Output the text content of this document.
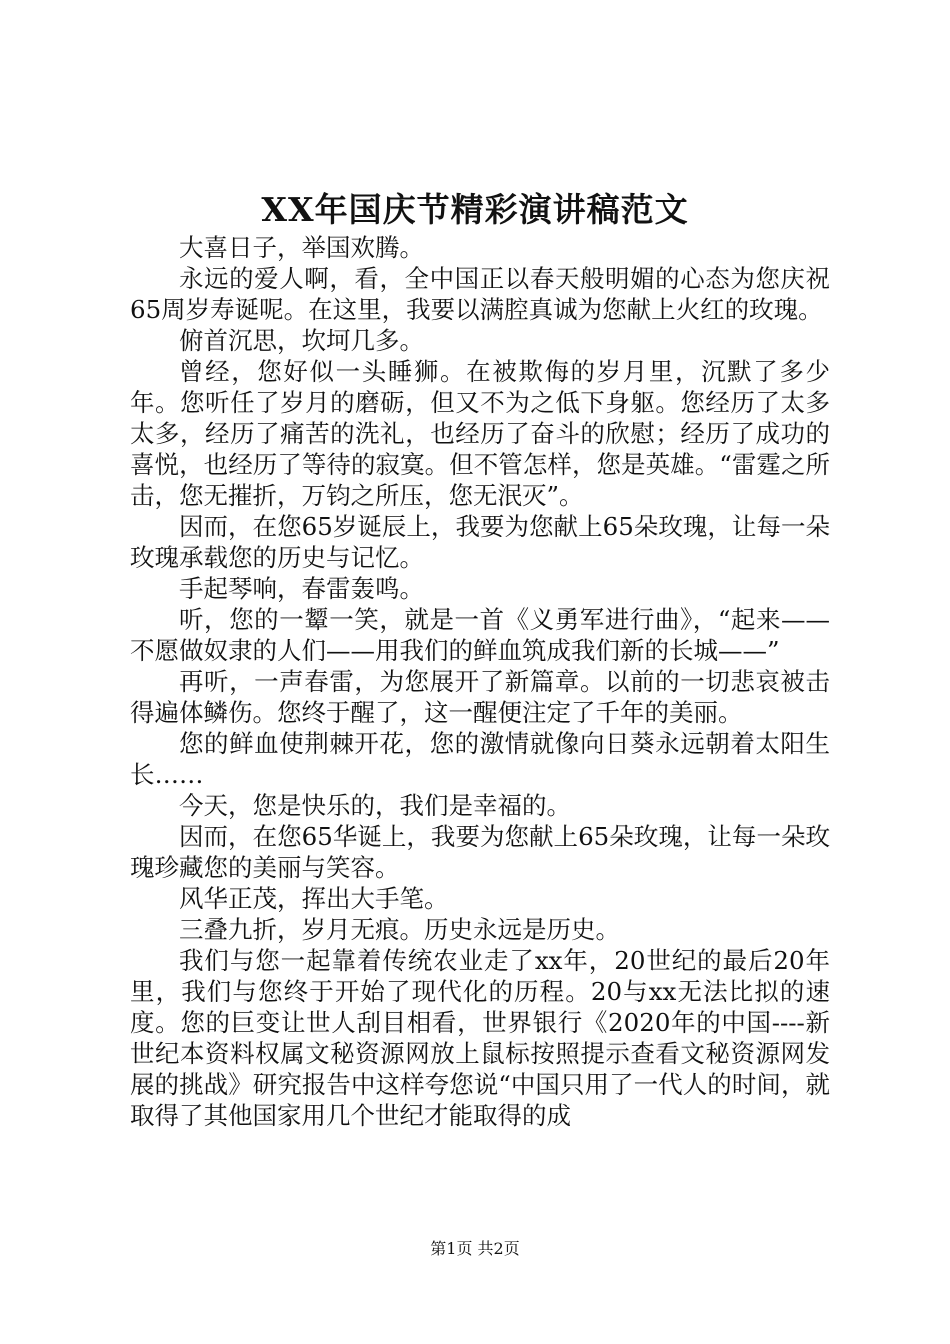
XX年国庆节精彩演讲稿范文

大喜日子，举国欢腾。

永远的爱人啊，看，全中国正以春天般明媚的心态为您庆祝65周岁寿诞呢。在这里，我要以满腔真诚为您献上火红的玫瑰。

俯首沉思，坎坷几多。

曾经，您好似一头睡狮。在被欺侮的岁月里，沉默了多少年。您听任了岁月的磨砺，但又不为之低下身躯。您经历了太多太多，经历了痛苦的洗礼，也经历了奋斗的欣慰；经历了成功的喜悦，也经历了等待的寂寞。但不管怎样，您是英雄。“雷霆之所击，您无摧折，万钧之所压，您无泯灭”。

因而，在您65岁诞辰上，我要为您献上65朵玫瑰，让每一朵玫瑰承载您的历史与记忆。

手起琴响，春雷轰鸣。

听，您的一颦一笑，就是一首《义勇军进行曲》，“起来——不愿做奴隶的人们——用我们的鲜血筑成我们新的长城——”

再听，一声春雷，为您展开了新篇章。以前的一切悲哀被击得遍体鳞伤。您终于醒了，这一醒便注定了千年的美丽。

您的鲜血使荆棘开花，您的激情就像向日葵永远朝着太阳生长……

今天，您是快乐的，我们是幸福的。

因而，在您65华诞上，我要为您献上65朵玫瑰，让每一朵玫瑰珍藏您的美丽与笑容。

风华正茂，挥出大手笔。

三叠九折，岁月无痕。历史永远是历史。

我们与您一起靠着传统农业走了xx年，20世纪的最后20年里，我们与您终于开始了现代化的历程。20与xx无法比拟的速度。您的巨变让世人刮目相看，世界银行《2020年的中国----新世纪本资料权属文秘资源网放上鼠标按照提示查看文秘资源网发展的挑战》研究报告中这样夸您说“中国只用了一代人的时间，就取得了其他国家用几个世纪才能取得的成

第1页 共2页
